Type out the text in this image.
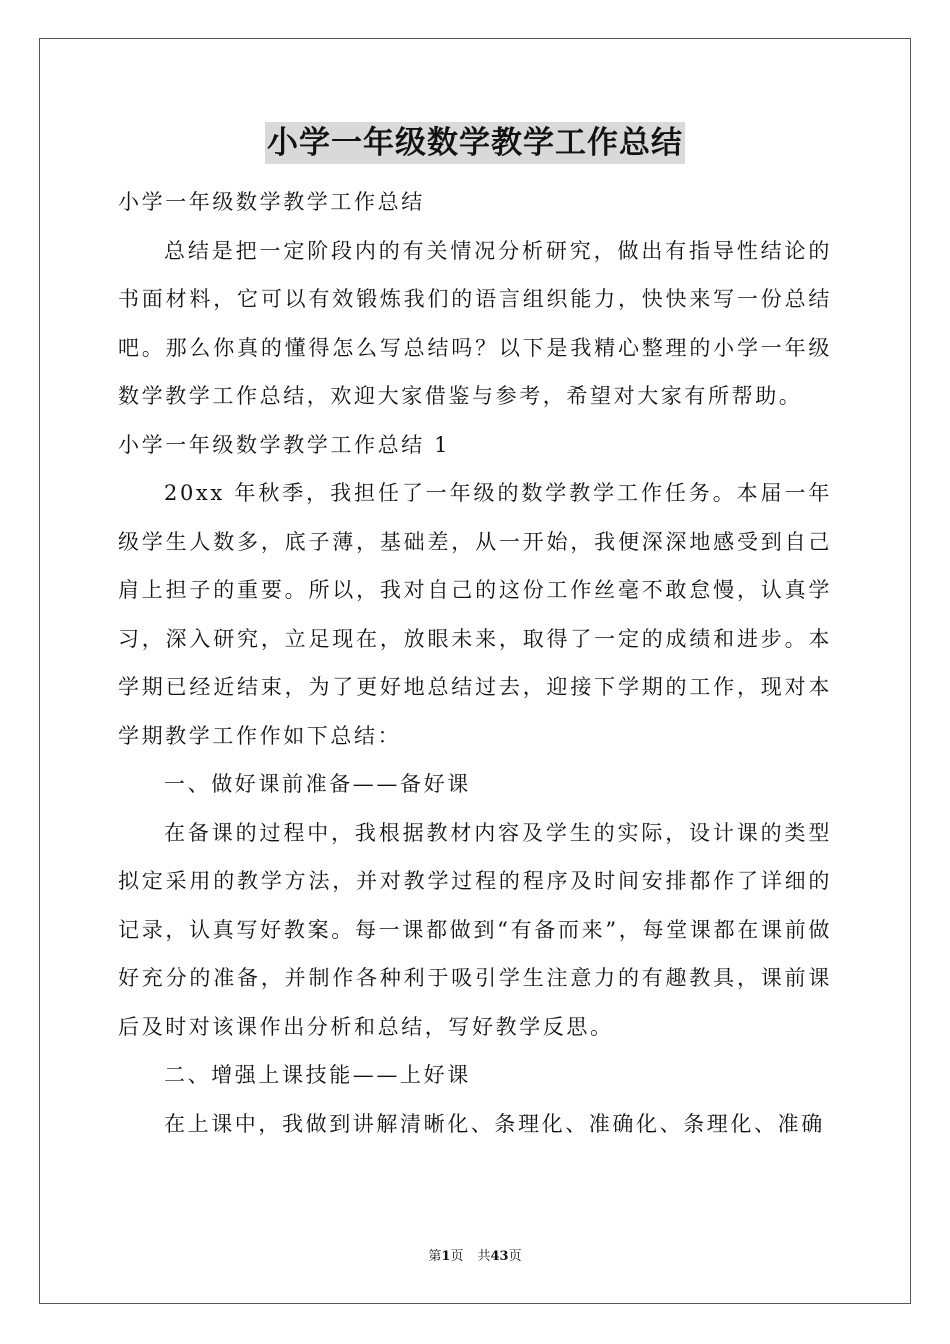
小学一年级数学教学工作总结

小学一年级数学教学工作总结

总结是把一定阶段内的有关情况分析研究，做出有指导性结论的书面材料，它可以有效锻炼我们的语言组织能力，快快来写一份总结吧。那么你真的懂得怎么写总结吗？以下是我精心整理的小学一年级数学教学工作总结，欢迎大家借鉴与参考，希望对大家有所帮助。

小学一年级数学教学工作总结 1

20xx 年秋季，我担任了一年级的数学教学工作任务。本届一年级学生人数多，底子薄，基础差，从一开始，我便深深地感受到自己肩上担子的重要。所以，我对自己的这份工作丝毫不敢怠慢，认真学习，深入研究，立足现在，放眼未来，取得了一定的成绩和进步。本学期已经近结束，为了更好地总结过去，迎接下学期的工作，现对本学期教学工作作如下总结：

一、做好课前准备——备好课

在备课的过程中，我根据教材内容及学生的实际，设计课的类型拟定采用的教学方法，并对教学过程的程序及时间安排都作了详细的记录，认真写好教案。每一课都做到“有备而来”，每堂课都在课前做好充分的准备，并制作各种利于吸引学生注意力的有趣教具，课前课后及时对该课作出分析和总结，写好教学反思。

二、增强上课技能——上好课

在上课中，我做到讲解清晰化、条理化、准确化、条理化、准确

第1页 共43页
